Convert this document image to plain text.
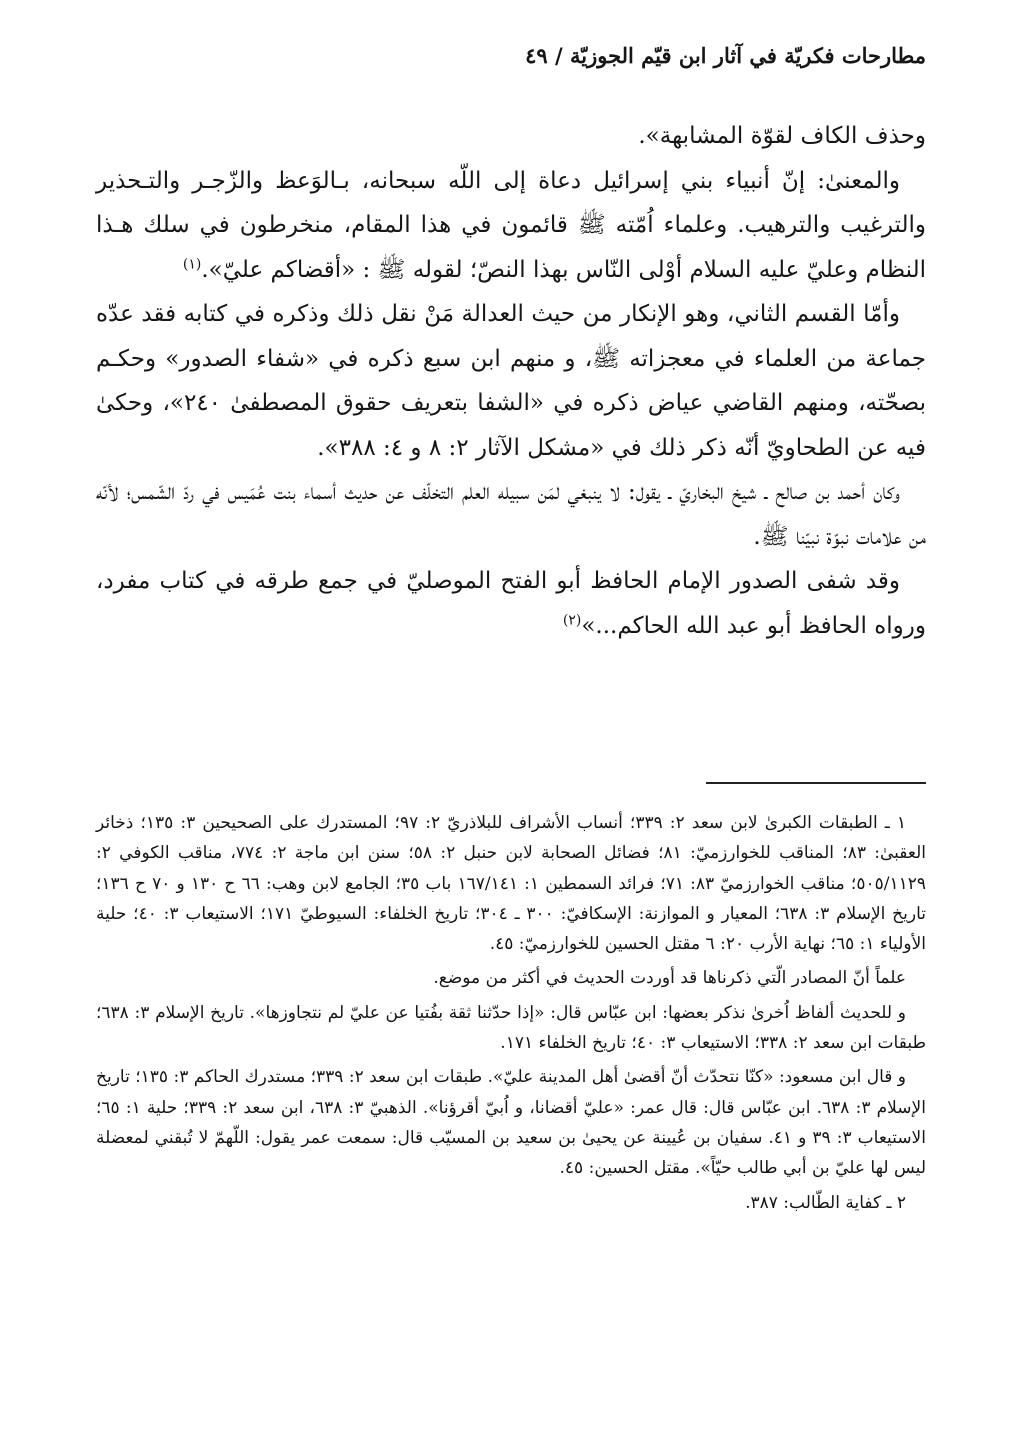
مطارحات فكريّة في آثار ابن قيّم الجوزيّة / ٤٩

وحذف الكاف لقوّة المشابهة».

والمعنىٰ: إنّ أنبياء بني إسرائيل دعاة إلى اللّه سبحانه، بـالوَعظ والزّجـر والتـحذير والترغيب والترهيب. وعلماء اُمّته ﷺ قائمون في هذا المقام، منخرطون في سلك هـذا النظام وعليّ عليه السلام أوْلى النّاس بهذا النصّ؛ لقوله ﷺ : «أقضاكم عليّ».$^{(١)}$

وأمّا القسم الثاني، وهو الإنكار من حيث العدالة مَنْ نقل ذلك وذكره في كتابه فقد عدّه جماعة من العلماء في معجزاته ﷺ، و منهم ابن سبع ذكره في «شفاء الصدور» وحكـم بصحّته، ومنهم القاضي عياض ذكره في «الشفا بتعريف حقوق المصطفىٰ ٢٤٠»، وحكىٰ فيه عن الطحاويّ أنّه ذكر ذلك في «مشكل الآثار ٢: ٨ و ٤: ٣٨٨».

وكان أحمد بن صالح ـ شيخ البخاريّ ـ يقول: لا ينبغي لمَن سبيله العلم التخلّف عن حديث أسماء بنت عُمَيس في ردّ الشّمس؛ لأنّه من علامات نبوّة نبيّنا ﷺ.

وقد شفى الصدور الإمام الحافظ أبو الفتح الموصليّ في جمع طرقه في كتاب مفرد، ورواه الحافظ أبو عبد الله الحاكم...»$^{(٢)}$

١ ـ الطبقات الكبرىٰ لابن سعد ٢: ٣٣٩؛ أنساب الأشراف للبلاذريّ ٢: ٩٧؛ المستدرك على الصحيحين ٣: ١٣٥؛ ذخائر العقبىٰ: ٨٣؛ المناقب للخوارزميّ: ٨١؛ فضائل الصحابة لابن حنبل ٢: ٥٨؛ سنن ابن ماجة ٢: ٧٧٤، مناقب الكوفي ٢: ٥٠٥/١١٢٩؛ مناقب الخوارزميّ ٨٣: ٧١؛ فرائد السمطين ١: ١٦٧/١٤١ باب ٣٥؛ الجامع لابن وهب: ٦٦ ح ١٣٠ و ٧٠ ح ١٣٦؛ تاريخ الإسلام ٣: ٦٣٨؛ المعيار و الموازنة: الإسكافيّ: ٣٠٠ ـ ٣٠٤؛ تاريخ الخلفاء: السيوطيّ ١٧١؛ الاستيعاب ٣: ٤٠؛ حلية الأولياء ١: ٦٥؛ نهاية الأرب ٢٠: ٦ مقتل الحسين للخوارزميّ: ٤٥.

علماً أنّ المصادر الّتي ذكرناها قد أوردت الحديث في أكثر من موضع.

و للحديث ألفاظ اُخرىٰ نذكر بعضها: ابن عبّاس قال: «إذا حدّثنا ثقة بفُتيا عن عليّ لم نتجاوزها». تاريخ الإسلام ٣: ٦٣٨؛ طبقات ابن سعد ٢: ٣٣٨؛ الاستيعاب ٣: ٤٠؛ تاريخ الخلفاء ١٧١.

و قال ابن مسعود: «كنّا نتحدّث أنّ أقضىٰ أهل المدينة عليّ». طبقات ابن سعد ٢: ٣٣٩؛ مستدرك الحاكم ٣: ١٣٥؛ تاريخ الإسلام ٣: ٦٣٨. ابن عبّاس قال: قال عمر: «عليّ أقضانا، و اُبيّ أقرؤنا». الذهبيّ ٣: ٦٣٨، ابن سعد ٢: ٣٣٩؛ حلية ١: ٦٥؛ الاستيعاب ٣: ٣٩ و ٤١. سفيان بن عُيينة عن يحيىٰ بن سعيد بن المسيّب قال: سمعت عمر يقول: اللّهمّ لا تُبقني لمعضلة ليس لها عليّ بن أبي طالب حيّاً». مقتل الحسين: ٤٥.

٢ ـ كفاية الطّالب: ٣٨٧.
